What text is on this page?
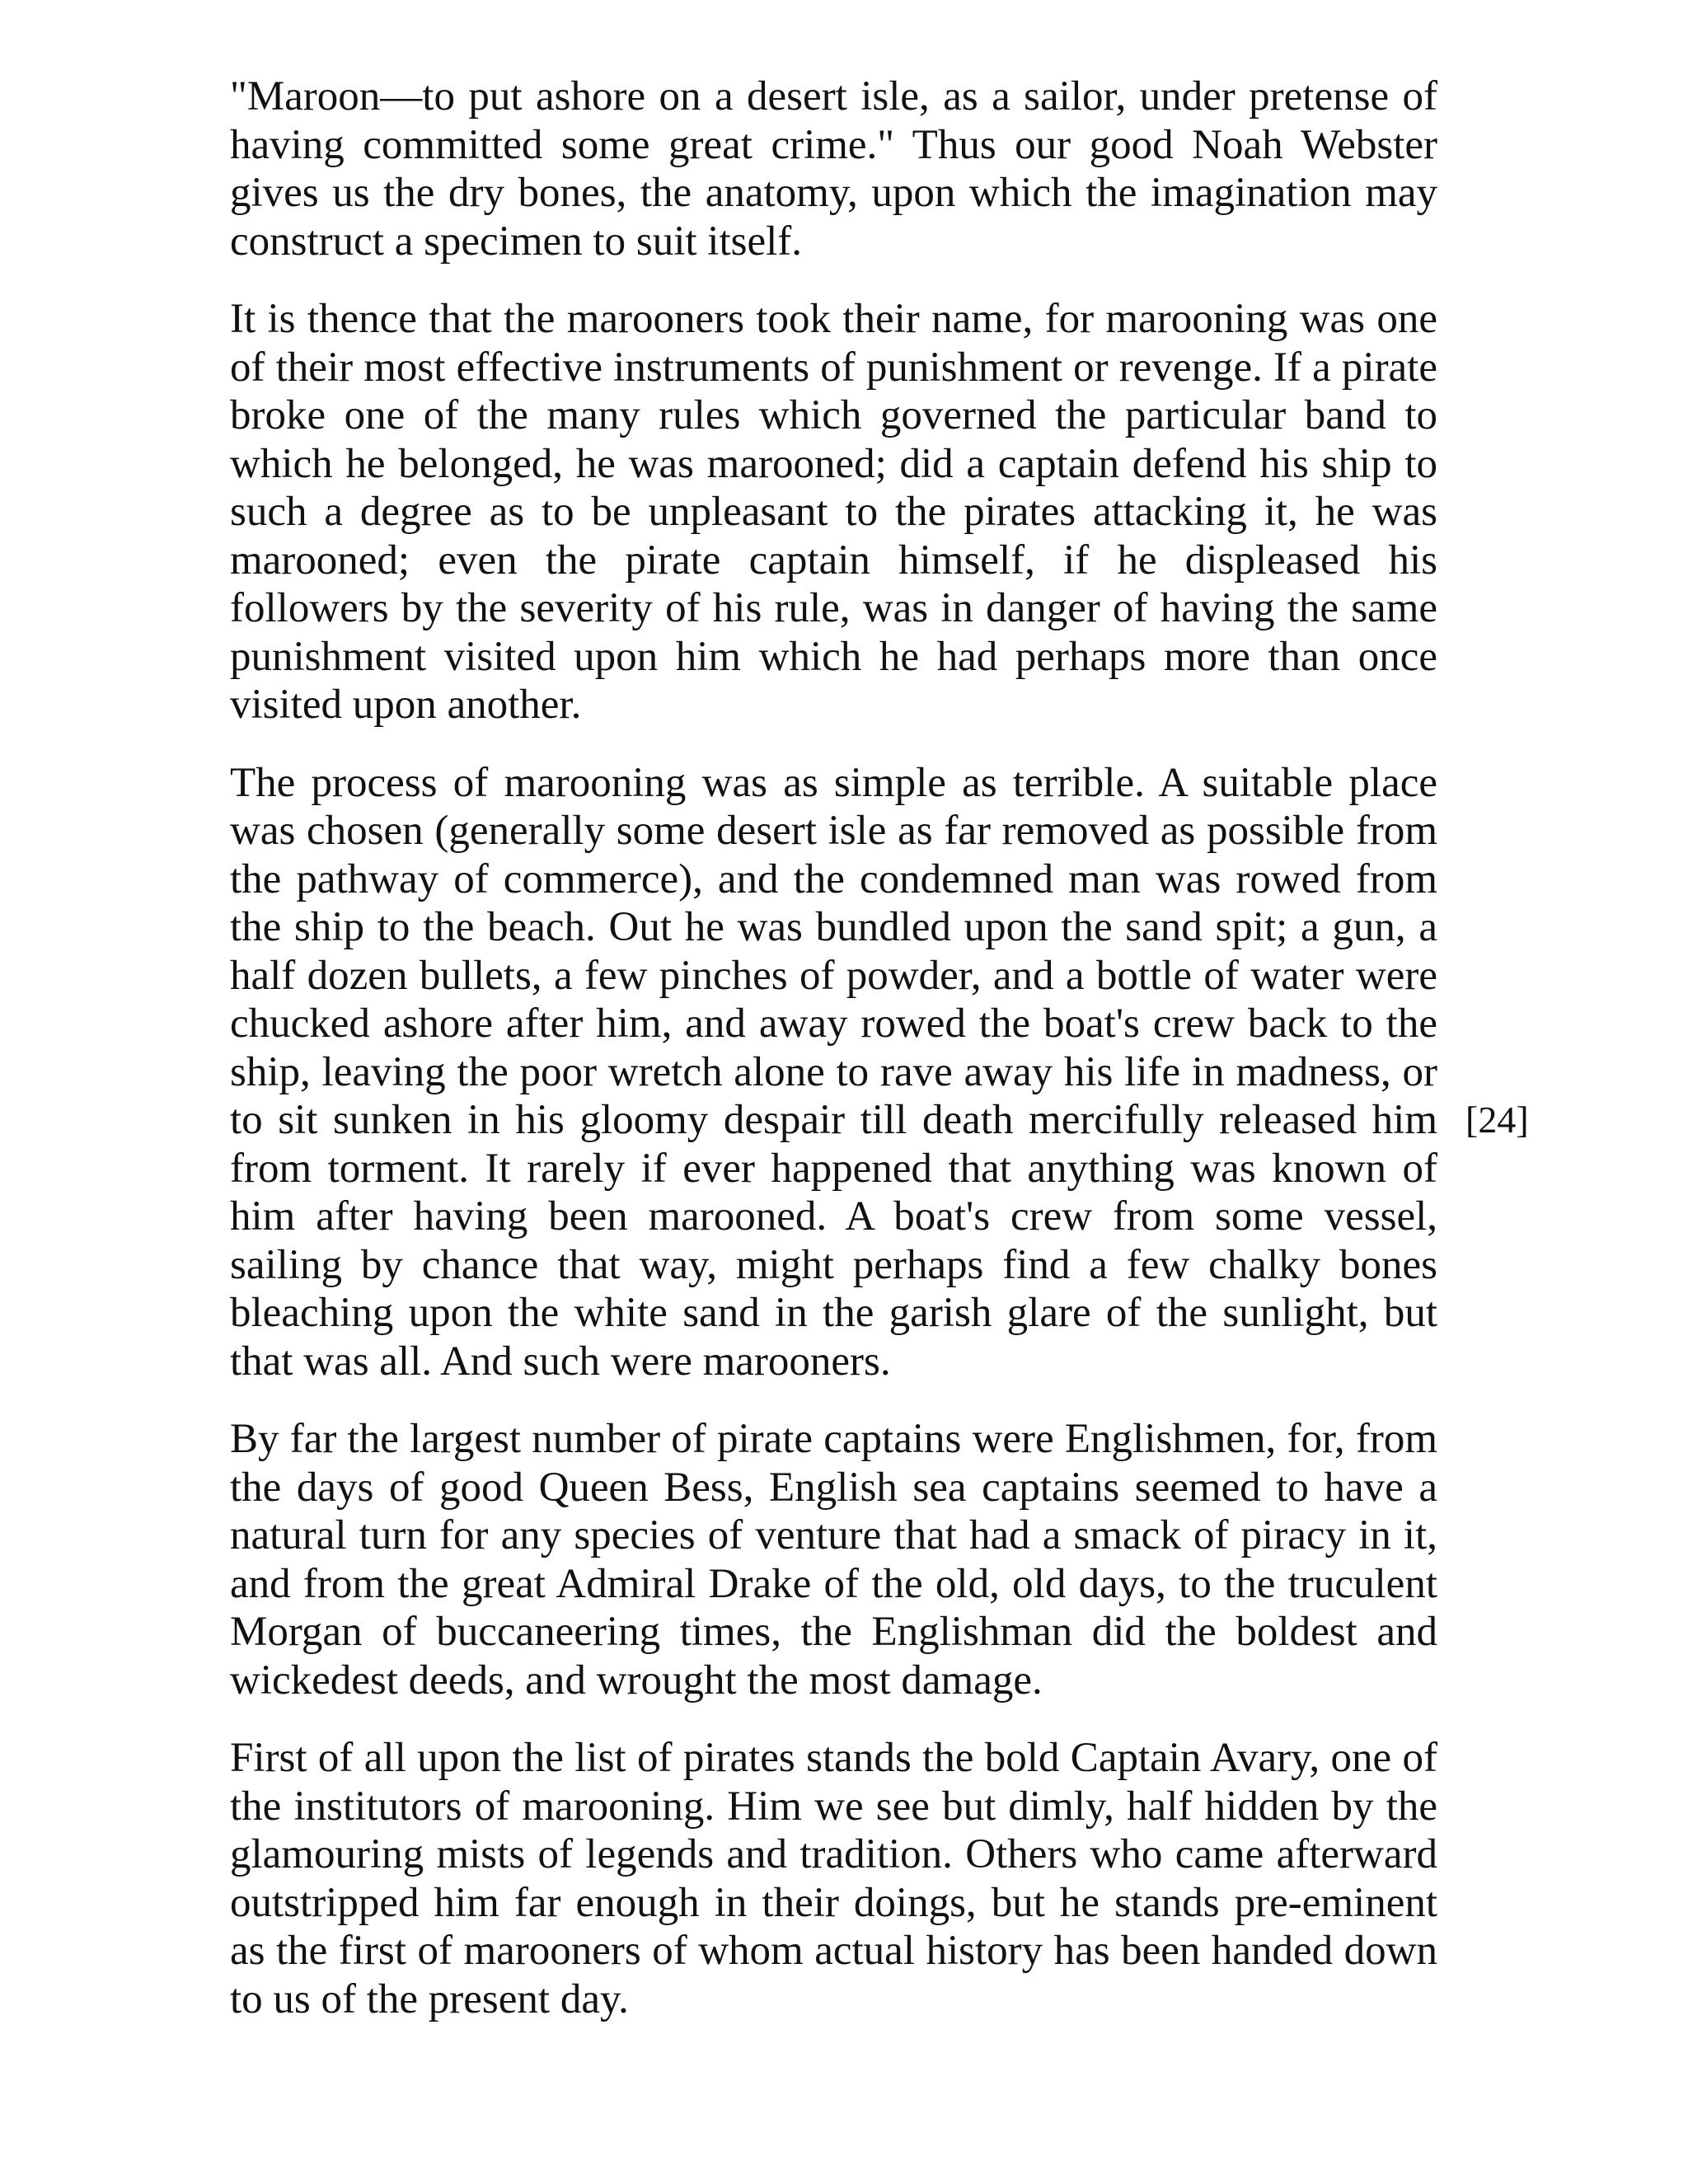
"Maroon—to put ashore on a desert isle, as a sailor, under pretense of having committed some great crime." Thus our good Noah Webster gives us the dry bones, the anatomy, upon which the imagination may construct a specimen to suit itself.

It is thence that the marooners took their name, for marooning was one of their most effective instruments of punishment or revenge. If a pirate broke one of the many rules which governed the particular band to which he belonged, he was marooned; did a captain defend his ship to such a degree as to be unpleasant to the pirates attacking it, he was marooned; even the pirate captain himself, if he displeased his followers by the severity of his rule, was in danger of having the same punishment visited upon him which he had perhaps more than once visited upon another.

The process of marooning was as simple as terrible. A suitable place was chosen (generally some desert isle as far removed as possible from the pathway of commerce), and the condemned man was rowed from the ship to the beach. Out he was bundled upon the sand spit; a gun, a half dozen bullets, a few pinches of powder, and a bottle of water were chucked ashore after him, and away rowed the boat's crew back to the ship, leaving the poor wretch alone to rave away his life in madness, or to sit sunken in his gloomy despair till death mercifully released him from torment. It rarely if ever happened that anything was known of him after having been marooned. A boat's crew from some vessel, sailing by chance that way, might perhaps find a few chalky bones bleaching upon the white sand in the garish glare of the sunlight, but that was all. And such were marooners.

By far the largest number of pirate captains were Englishmen, for, from the days of good Queen Bess, English sea captains seemed to have a natural turn for any species of venture that had a smack of piracy in it, and from the great Admiral Drake of the old, old days, to the truculent Morgan of buccaneering times, the Englishman did the boldest and wickedest deeds, and wrought the most damage.

First of all upon the list of pirates stands the bold Captain Avary, one of the institutors of marooning. Him we see but dimly, half hidden by the glamouring mists of legends and tradition. Others who came afterward outstripped him far enough in their doings, but he stands pre-eminent as the first of marooners of whom actual history has been handed down to us of the present day.

[24]
